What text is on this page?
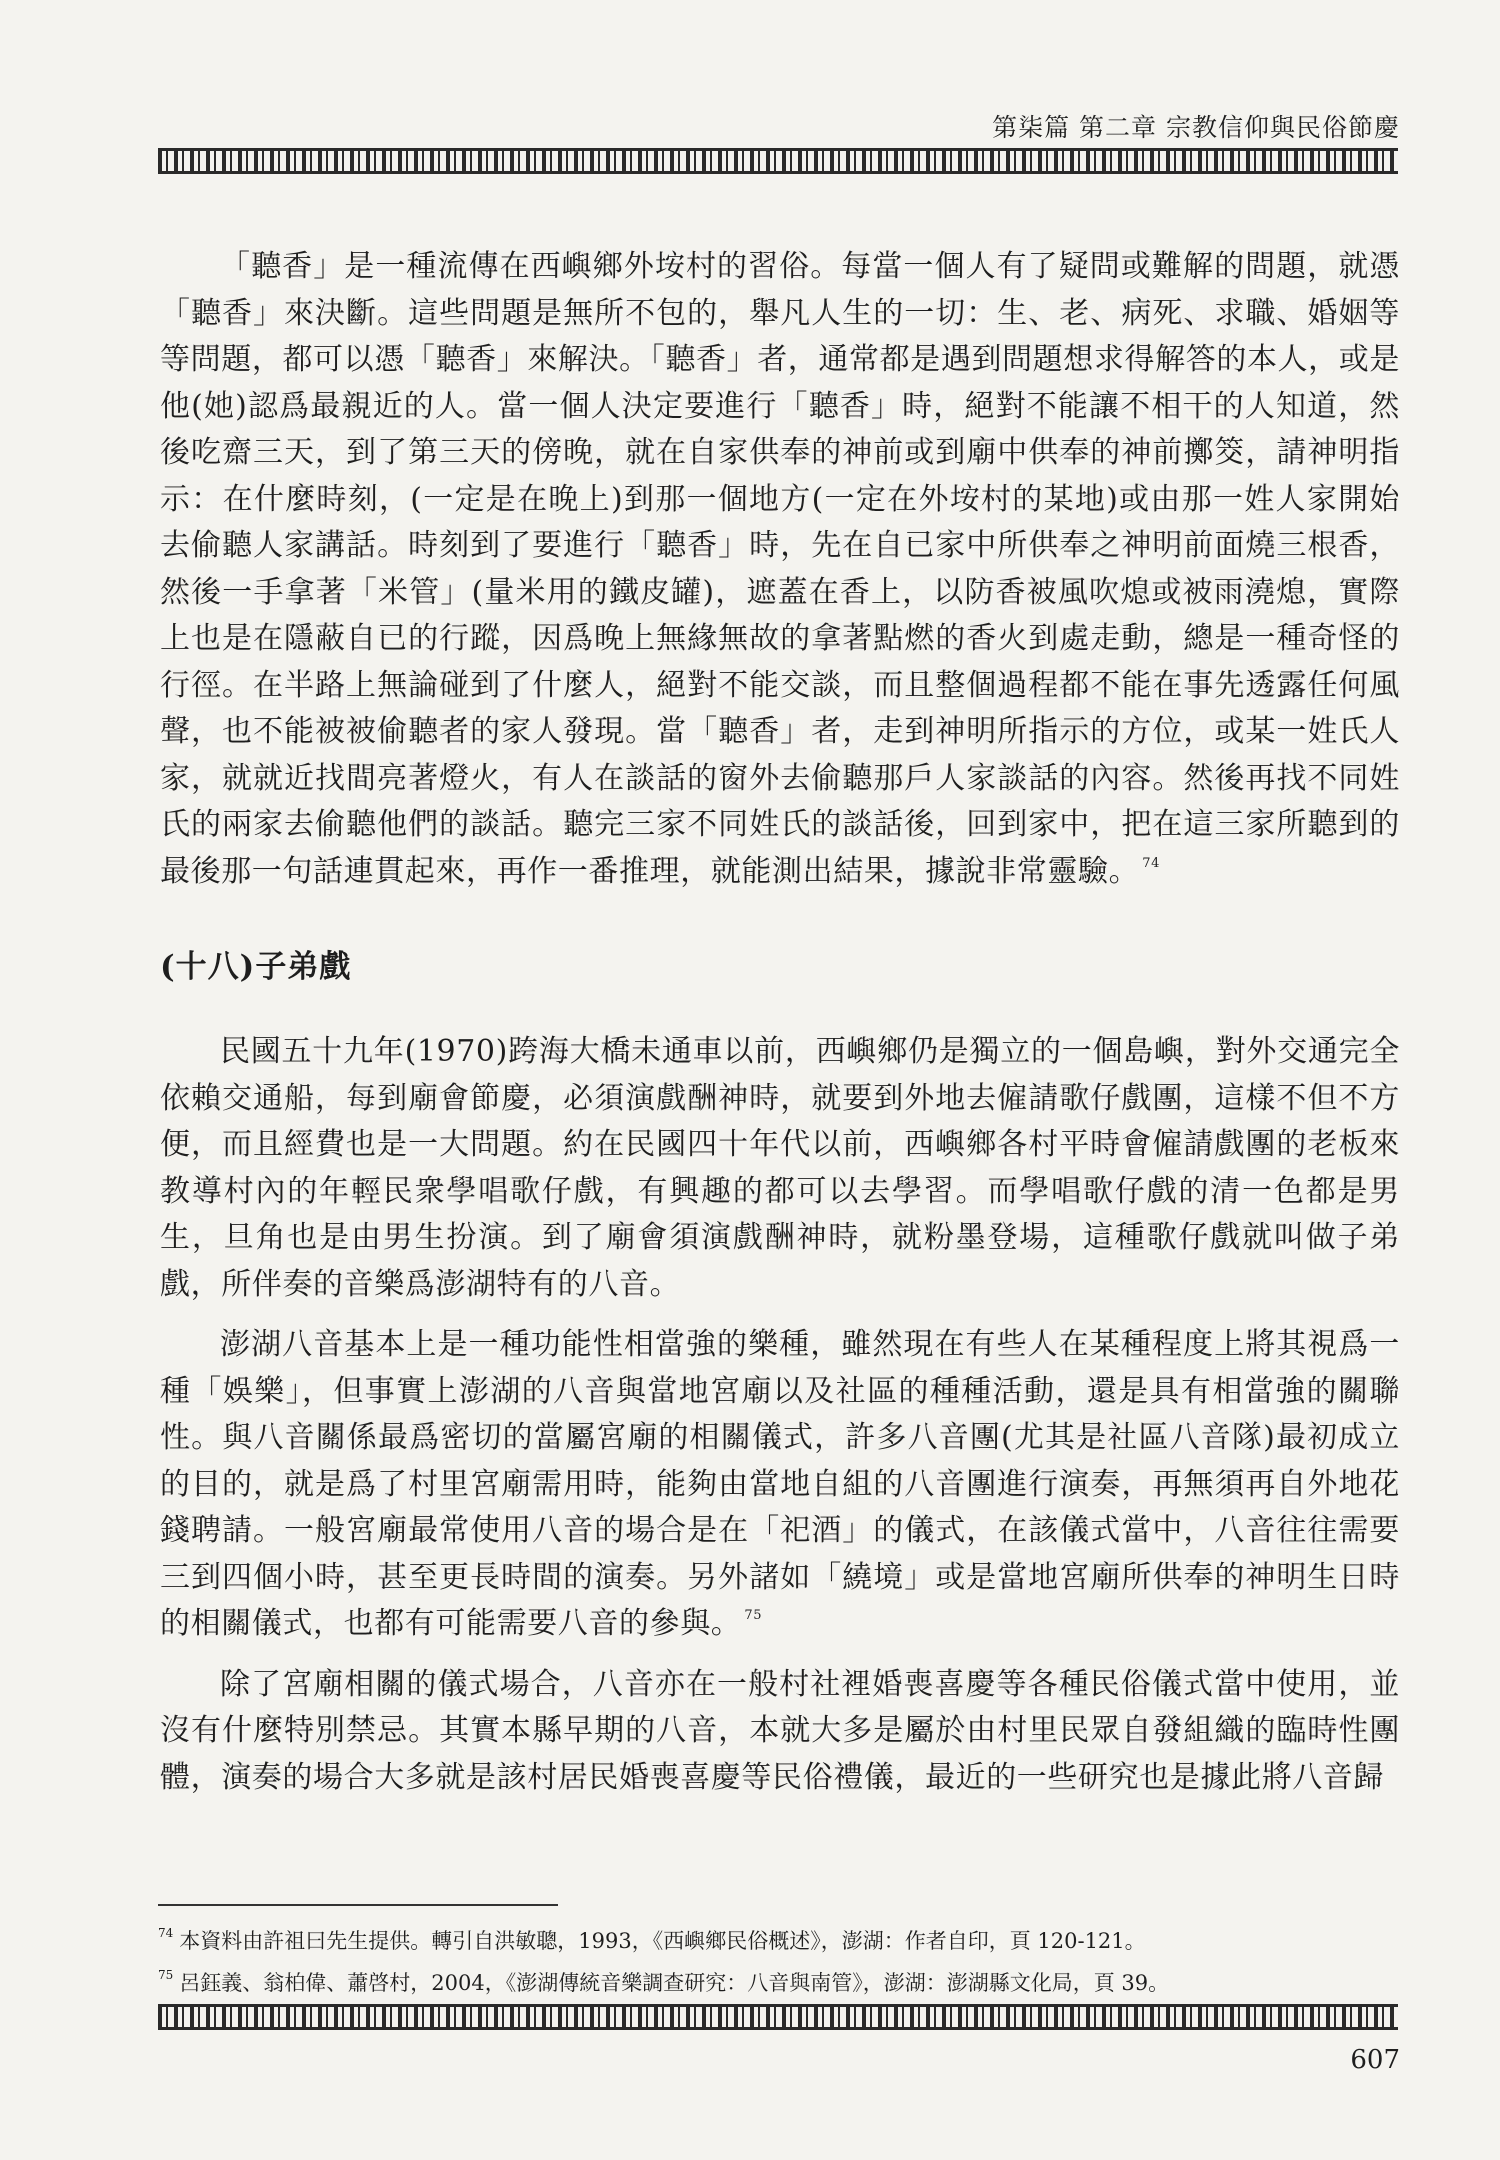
第柒篇 第二章 宗教信仰與民俗節慶

「聽香」是一種流傳在西嶼鄉外垵村的習俗。每當一個人有了疑問或難解的問題，就憑「聽香」來決斷。這些問題是無所不包的，舉凡人生的一切：生、老、病死、求職、婚姻等等問題，都可以憑「聽香」來解決。「聽香」者，通常都是遇到問題想求得解答的本人，或是他(她)認爲最親近的人。當一個人決定要進行「聽香」時，絕對不能讓不相干的人知道，然後吃齋三天，到了第三天的傍晚，就在自家供奉的神前或到廟中供奉的神前擲筊，請神明指示：在什麼時刻，(一定是在晚上)到那一個地方(一定在外垵村的某地)或由那一姓人家開始去偷聽人家講話。時刻到了要進行「聽香」時，先在自已家中所供奉之神明前面燒三根香，然後一手拿著「米管」(量米用的鐵皮罐)，遮蓋在香上，以防香被風吹熄或被雨澆熄，實際上也是在隱蔽自已的行蹤，因爲晚上無緣無故的拿著點燃的香火到處走動，總是一種奇怪的行徑。在半路上無論碰到了什麼人，絕對不能交談，而且整個過程都不能在事先透露任何風聲，也不能被被偷聽者的家人發現。當「聽香」者，走到神明所指示的方位，或某一姓氏人家，就就近找間亮著燈火，有人在談話的窗外去偷聽那戶人家談話的內容。然後再找不同姓氏的兩家去偷聽他們的談話。聽完三家不同姓氏的談話後，回到家中，把在這三家所聽到的最後那一句話連貫起來，再作一番推理，就能測出結果，據說非常靈驗。 $^{74}$

(十八)子弟戲

民國五十九年(1970)跨海大橋未通車以前，西嶼鄉仍是獨立的一個島嶼，對外交通完全依賴交通船，每到廟會節慶，必須演戲酬神時，就要到外地去僱請歌仔戲團，這樣不但不方便，而且經費也是一大問題。約在民國四十年代以前，西嶼鄉各村平時會僱請戲團的老板來教導村內的年輕民衆學唱歌仔戲，有興趣的都可以去學習。而學唱歌仔戲的清一色都是男生，旦角也是由男生扮演。到了廟會須演戲酬神時，就粉墨登場，這種歌仔戲就叫做子弟戲，所伴奏的音樂爲澎湖特有的八音。

澎湖八音基本上是一種功能性相當強的樂種，雖然現在有些人在某種程度上將其視爲一種「娛樂」，但事實上澎湖的八音與當地宮廟以及社區的種種活動，還是具有相當強的關聯性。與八音關係最爲密切的當屬宮廟的相關儀式，許多八音團(尤其是社區八音隊)最初成立的目的，就是爲了村里宮廟需用時，能夠由當地自組的八音團進行演奏，再無須再自外地花錢聘請。一般宮廟最常使用八音的場合是在「祀酒」的儀式，在該儀式當中，八音往往需要三到四個小時，甚至更長時間的演奏。另外諸如「繞境」或是當地宮廟所供奉的神明生日時的相關儀式，也都有可能需要八音的參與。 $^{75}$

除了宮廟相關的儀式場合，八音亦在一般村社裡婚喪喜慶等各種民俗儀式當中使用，並沒有什麼特別禁忌。其實本縣早期的八音，本就大多是屬於由村里民眾自發組織的臨時性團體，演奏的場合大多就是該村居民婚喪喜慶等民俗禮儀，最近的一些研究也是據此將八音歸

$^{74}$ 本資料由許祖曰先生提供。轉引自洪敏聰，1993，《西嶼鄉民俗概述》，澎湖：作者自印，頁 120-121。
$^{75}$ 呂鈺義、翁柏偉、蕭啓村，2004，《澎湖傳統音樂調查研究：八音與南管》，澎湖：澎湖縣文化局，頁 39。
607
